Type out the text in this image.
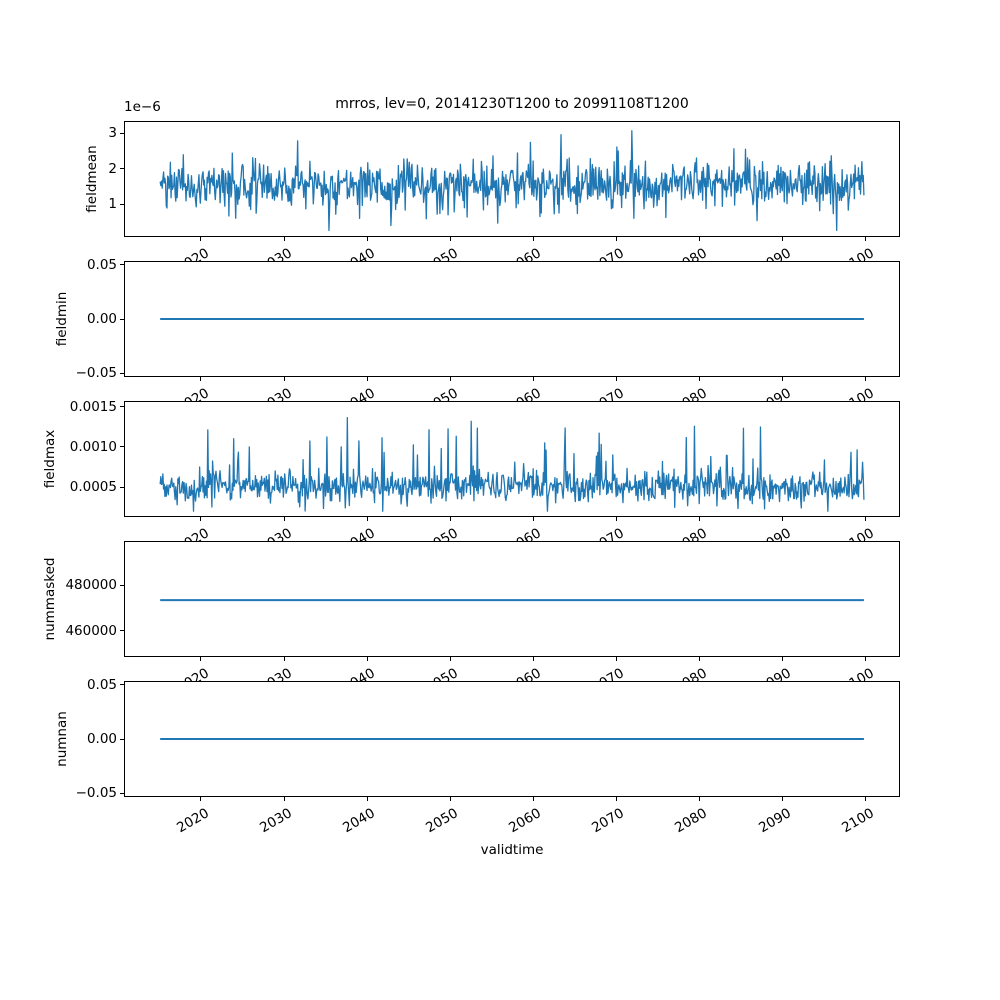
mrros, lev=0, 20141230T1200 to 20991108T1200
1e−6
fieldmean 1
2
3
fieldmin
−0.05
0.00
0.05
fieldmax 0.0005
0.0010
0.0015
nummasked 460000
480000
numnan
−0.05
0.00
0.05
2020	2030	2040	2050	2060	2070	2080	2090	2100
validtime
